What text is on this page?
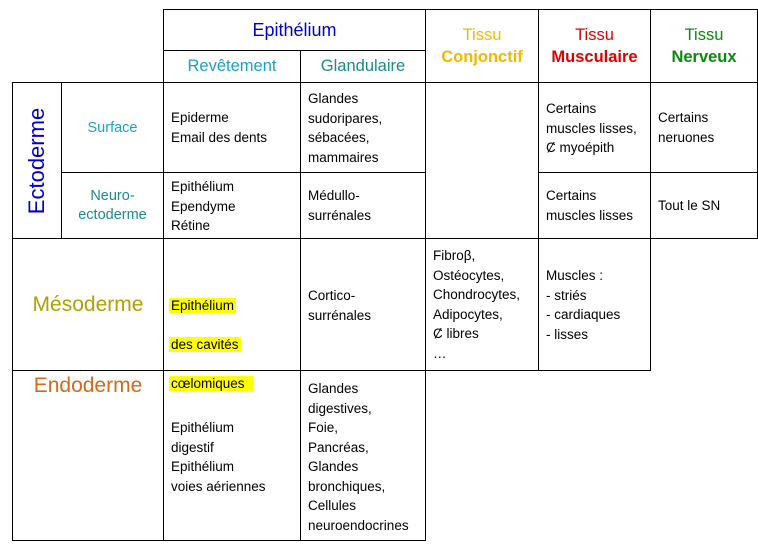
Epithélium
Revêtement	Glandulaire
Tissu
Conjonctif
Tissu
Musculaire
Tissu
Nerveux
Ectoderme	Surface
Neuro-
ectoderme
Mésoderme
Endoderme
Epiderme
Email des dents
Glandes
sudoripares,
sébacées,
mammaires
Certains
muscles lisses,
Ȼ myoépith
Certains
neruones
Epithélium
Ependyme
Rétine
Médullo-
surrénales
Certains
muscles lisses
Tout le SN

Epithélium

des cavités

cœlomiques

Cortico-
surrénales
Fibroβ,
Ostéocytes,
Chondrocytes,
Adipocytes,
Ȼ libres
…
Muscles :
- striés
- cardiaques
- lisses
Epithélium
digestif
Epithélium
voies aériennes
Glandes
digestives,
Foie,
Pancréas,
Glandes
bronchiques,
Cellules
neuroendocrines
